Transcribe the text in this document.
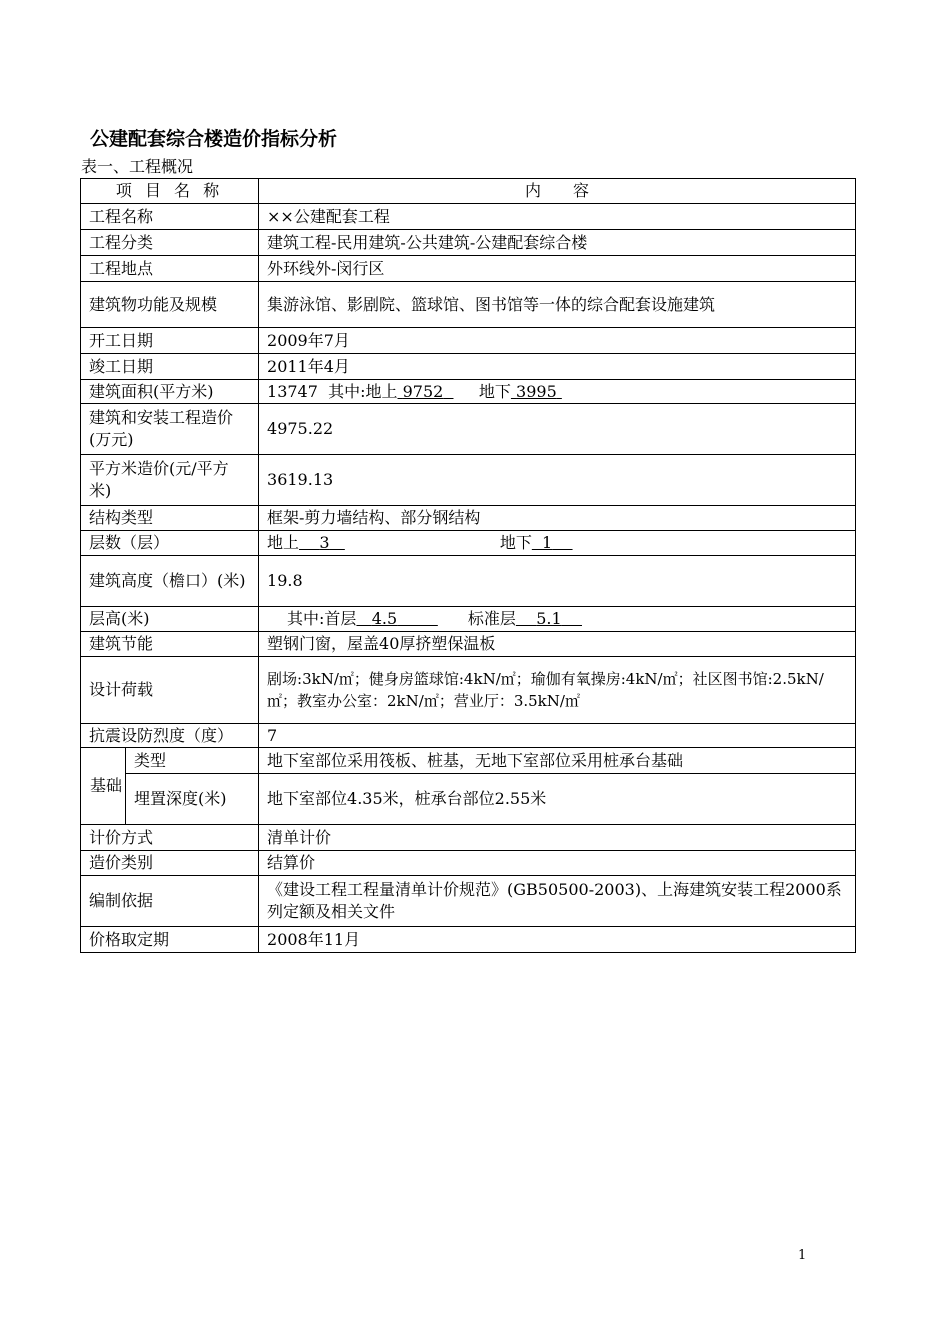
公建配套综合楼造价指标分析
表一、工程概况
项 目 名 称		内　　容
工程名称		××公建配套工程
工程分类		建筑工程-民用建筑-公共建筑-公建配套综合楼
工程地点		外环线外-闵行区
建筑物功能及规模		集游泳馆、影剧院、篮球馆、图书馆等一体的综合配套设施建筑
开工日期		2009年7月
竣工日期		2011年4月
建筑面积(平方米)		13747 其中:地上 9752 地下 3995
建筑和安装工程造价(万元)		4975.22
平方米造价(元/平方米)		3619.13
结构类型		框架-剪力墙结构、部分钢结构
层数（层）		地上 3 地下 1
建筑高度（檐口）(米)		19.8
层高(米)		其中:首层 4.5 标准层 5.1
建筑节能		塑钢门窗，屋盖40厚挤塑保温板
设计荷载		剧场:3kN/㎡；健身房篮球馆:4kN/㎡；瑜伽有氧操房:4kN/㎡；社区图书馆:2.5kN/㎡；教室办公室：2kN/㎡；营业厅：3.5kN/㎡
抗震设防烈度（度）		7
基础	类型	地下室部位采用筏板、桩基，无地下室部位采用桩承台基础
	埋置深度(米)	地下室部位4.35米，桩承台部位2.55米
计价方式		清单计价
造价类别		结算价
编制依据		《建设工程工程量清单计价规范》(GB50500-2003)、上海建筑安装工程2000系列定额及相关文件
价格取定期		2008年11月
1
